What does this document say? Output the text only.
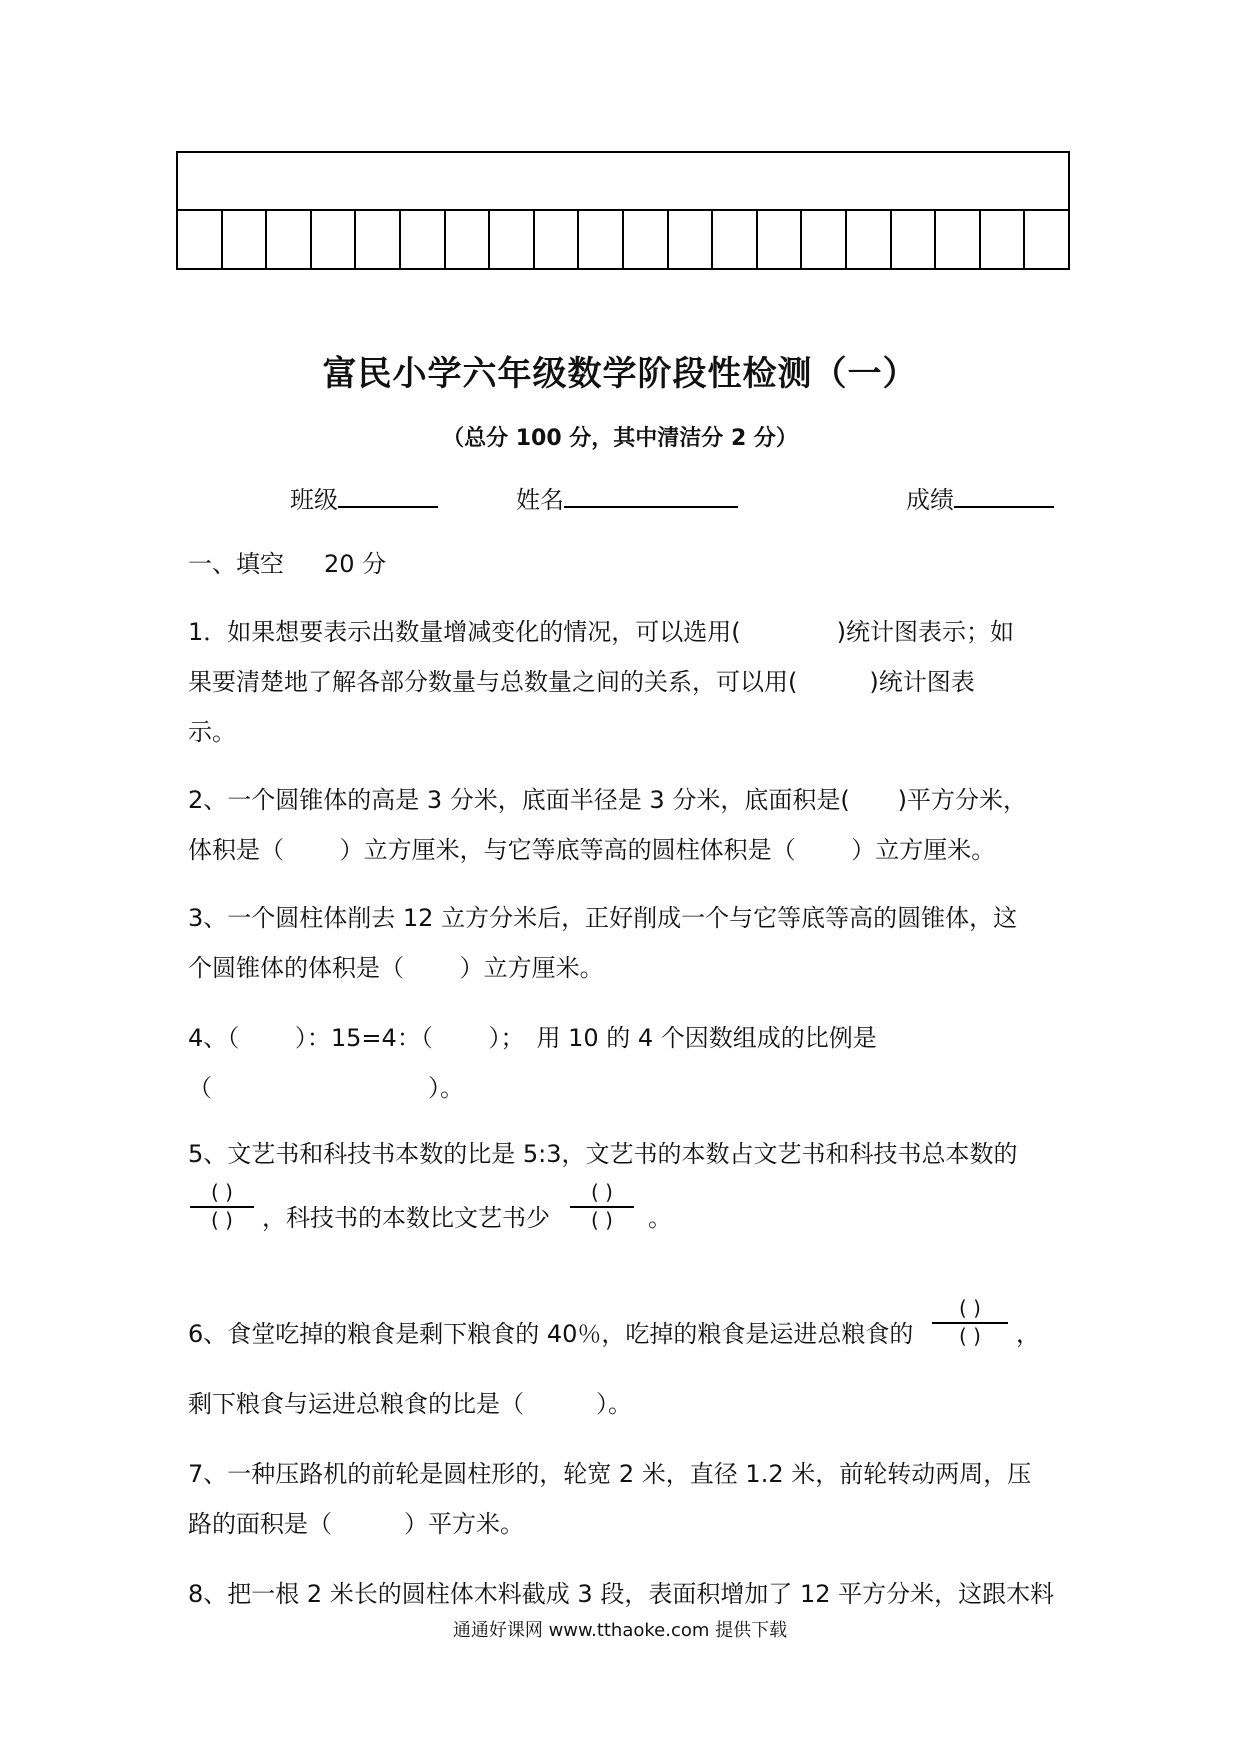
富民小学六年级数学阶段性检测（一）
（总分 100 分，其中清洁分 2 分）
班级	姓名	成绩
一、填空 20 分
1．如果想要表示出数量增减变化的情况，可以选用(　　　　)统计图表示；如
果要清楚地了解各部分数量与总数量之间的关系，可以用(　　　)统计图表
示。
2、一个圆锥体的高是 3 分米，底面半径是 3 分米，底面积是(　　)平方分米，
体积是（　　 ）立方厘米，与它等底等高的圆柱体积是（　　 ）立方厘米。
3、一个圆柱体削去 12 立方分米后，正好削成一个与它等底等高的圆锥体，这
个圆锥体的体积是（　　 ）立方厘米。
4、（　　 ）：15=4：（　　 ）；　用 10 的 4 个因数组成的比例是
（　　　　　　　　　）。
5、文艺书和科技书本数的比是 5:3，文艺书的本数占文艺书和科技书总本数的
( )
( )	，科技书的本数比文艺书少
( )
( )	。
6、食堂吃掉的粮食是剩下粮食的 40％，吃掉的粮食是运进总粮食的
( )
( )	，
剩下粮食与运进总粮食的比是（　　　）。
7、一种压路机的前轮是圆柱形的，轮宽 2 米，直径 1.2 米，前轮转动两周，压
路的面积是（　　　）平方米。
8、把一根 2 米长的圆柱体木料截成 3 段，表面积增加了 12 平方分米，这跟木料
通通好课网 www.tthaoke.com 提供下载
